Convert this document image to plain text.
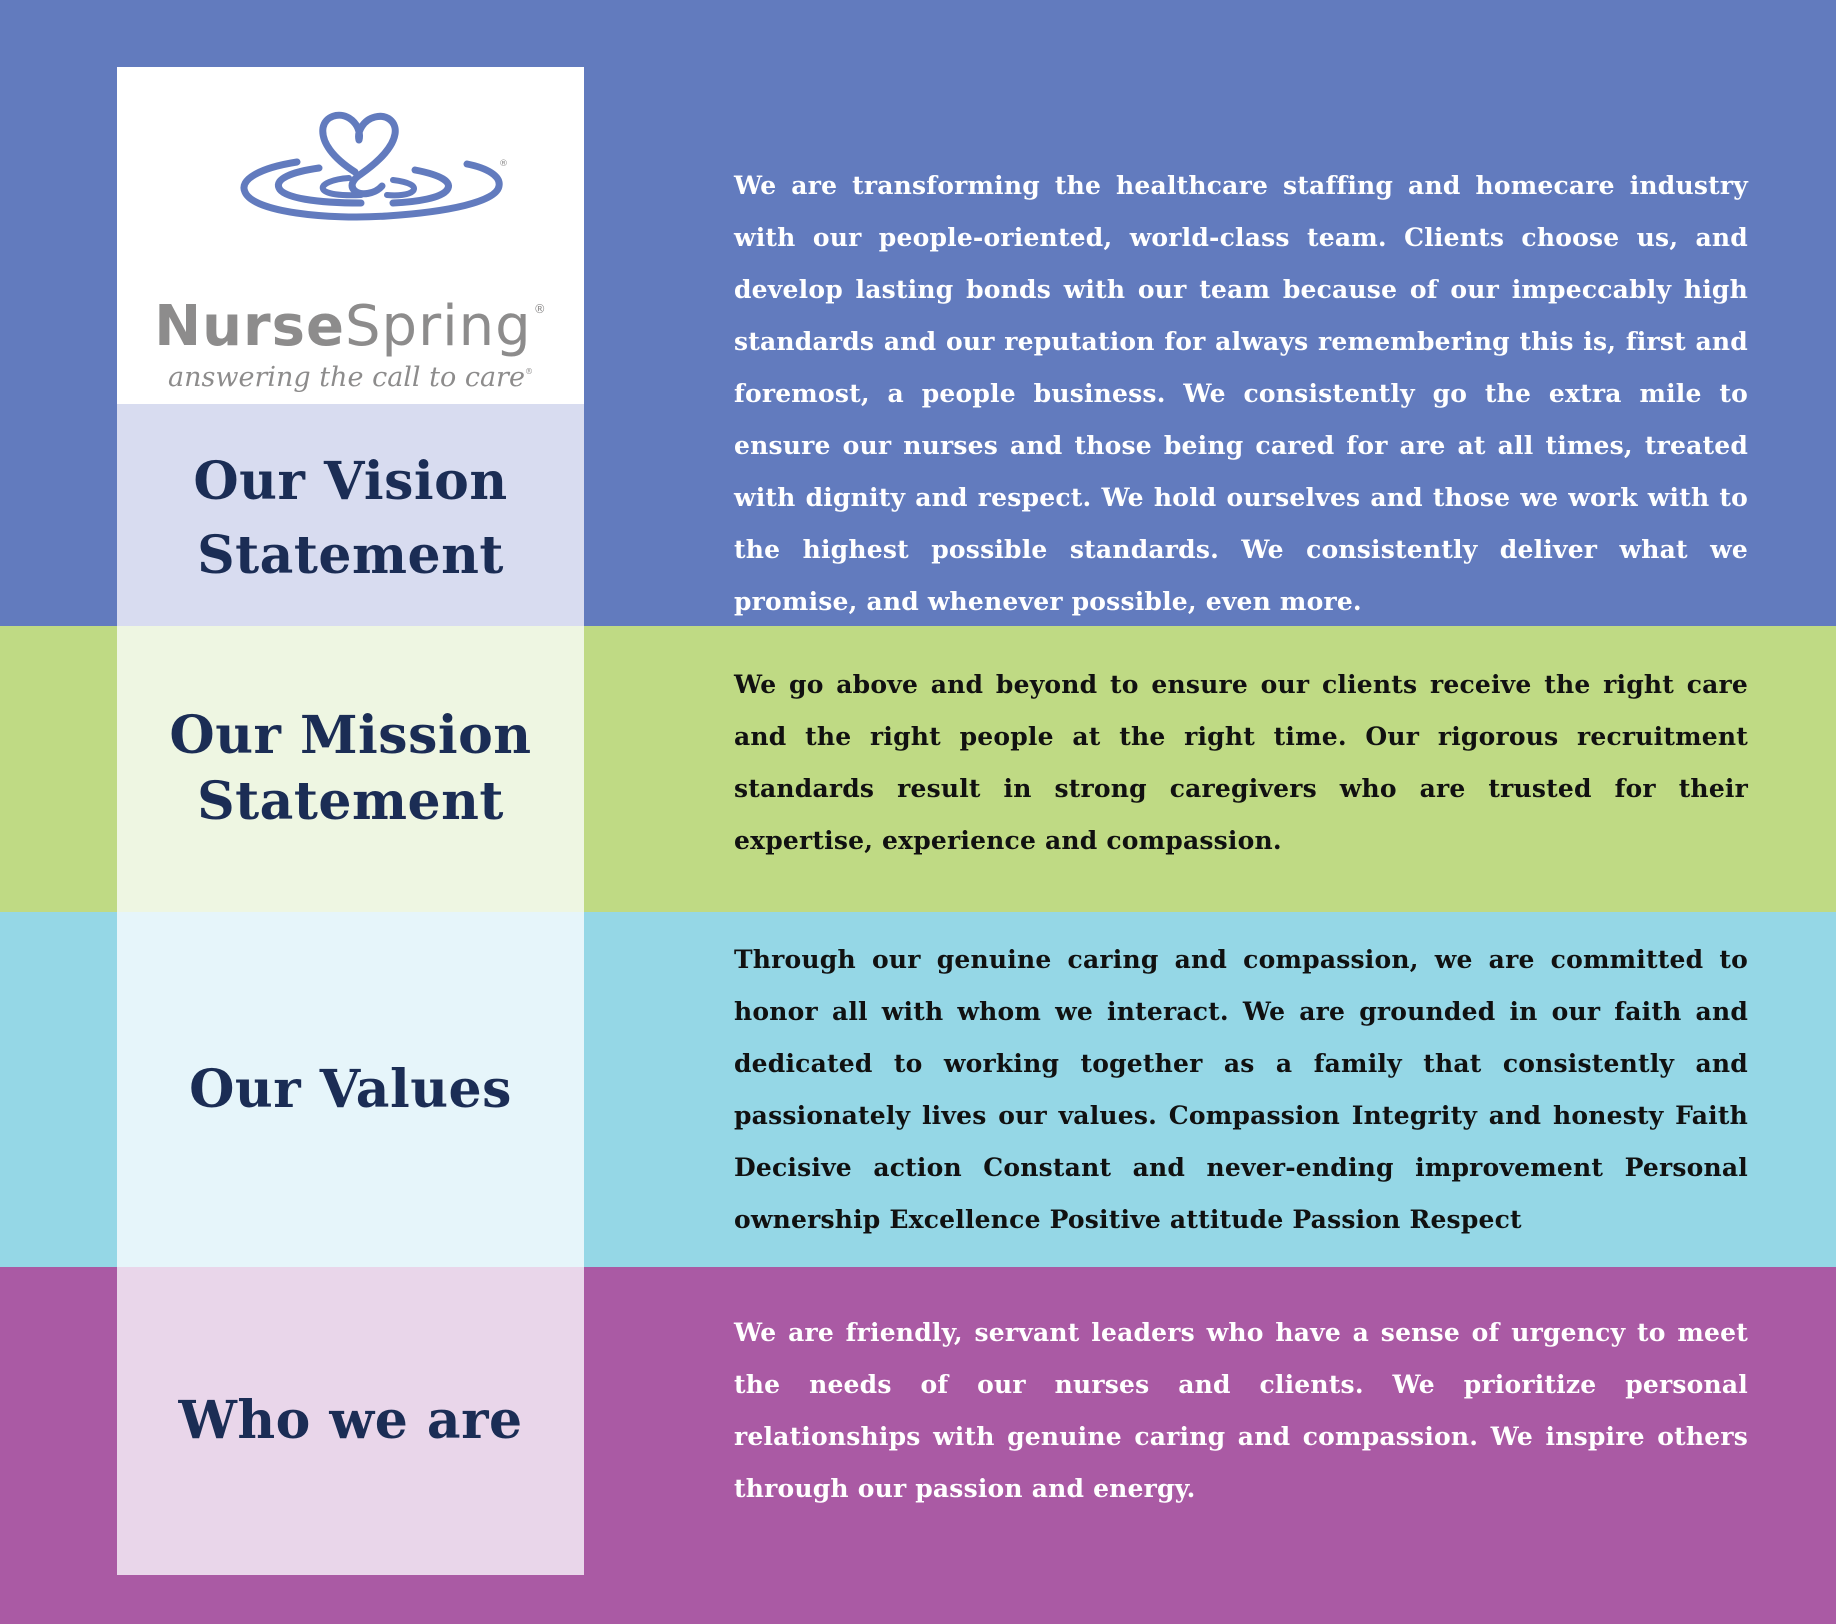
®
NurseSpring ®
answering the call to care®
Our Vision
Statement

We are transforming the healthcare staffing and homecare industry with our people-oriented, world-class team. Clients choose us, and develop lasting bonds with our team because of our impeccably high standards and our reputation for always remembering this is, first and foremost, a people business. We consistently go the extra mile to ensure our nurses and those being cared for are at all times, treated with dignity and respect. We hold ourselves and those we work with to the highest possible standards. We consistently deliver what we promise, and whenever possible, even more.

Our Mission
Statement

We go above and beyond to ensure our clients receive the right care and the right people at the right time. Our rigorous recruitment standards result in strong caregivers who are trusted for their expertise, experience and compassion.

Our Values

Through our genuine caring and compassion, we are committed to honor all with whom we interact. We are grounded in our faith and dedicated to working together as a family that consistently and passionately lives our values. Compassion Integrity and honesty Faith Decisive action Constant and never-ending improvement Personal ownership Excellence Positive attitude Passion Respect

Who we are

We are friendly, servant leaders who have a sense of urgency to meet the needs of our nurses and clients. We prioritize personal relationships with genuine caring and compassion. We inspire others through our passion and energy.
